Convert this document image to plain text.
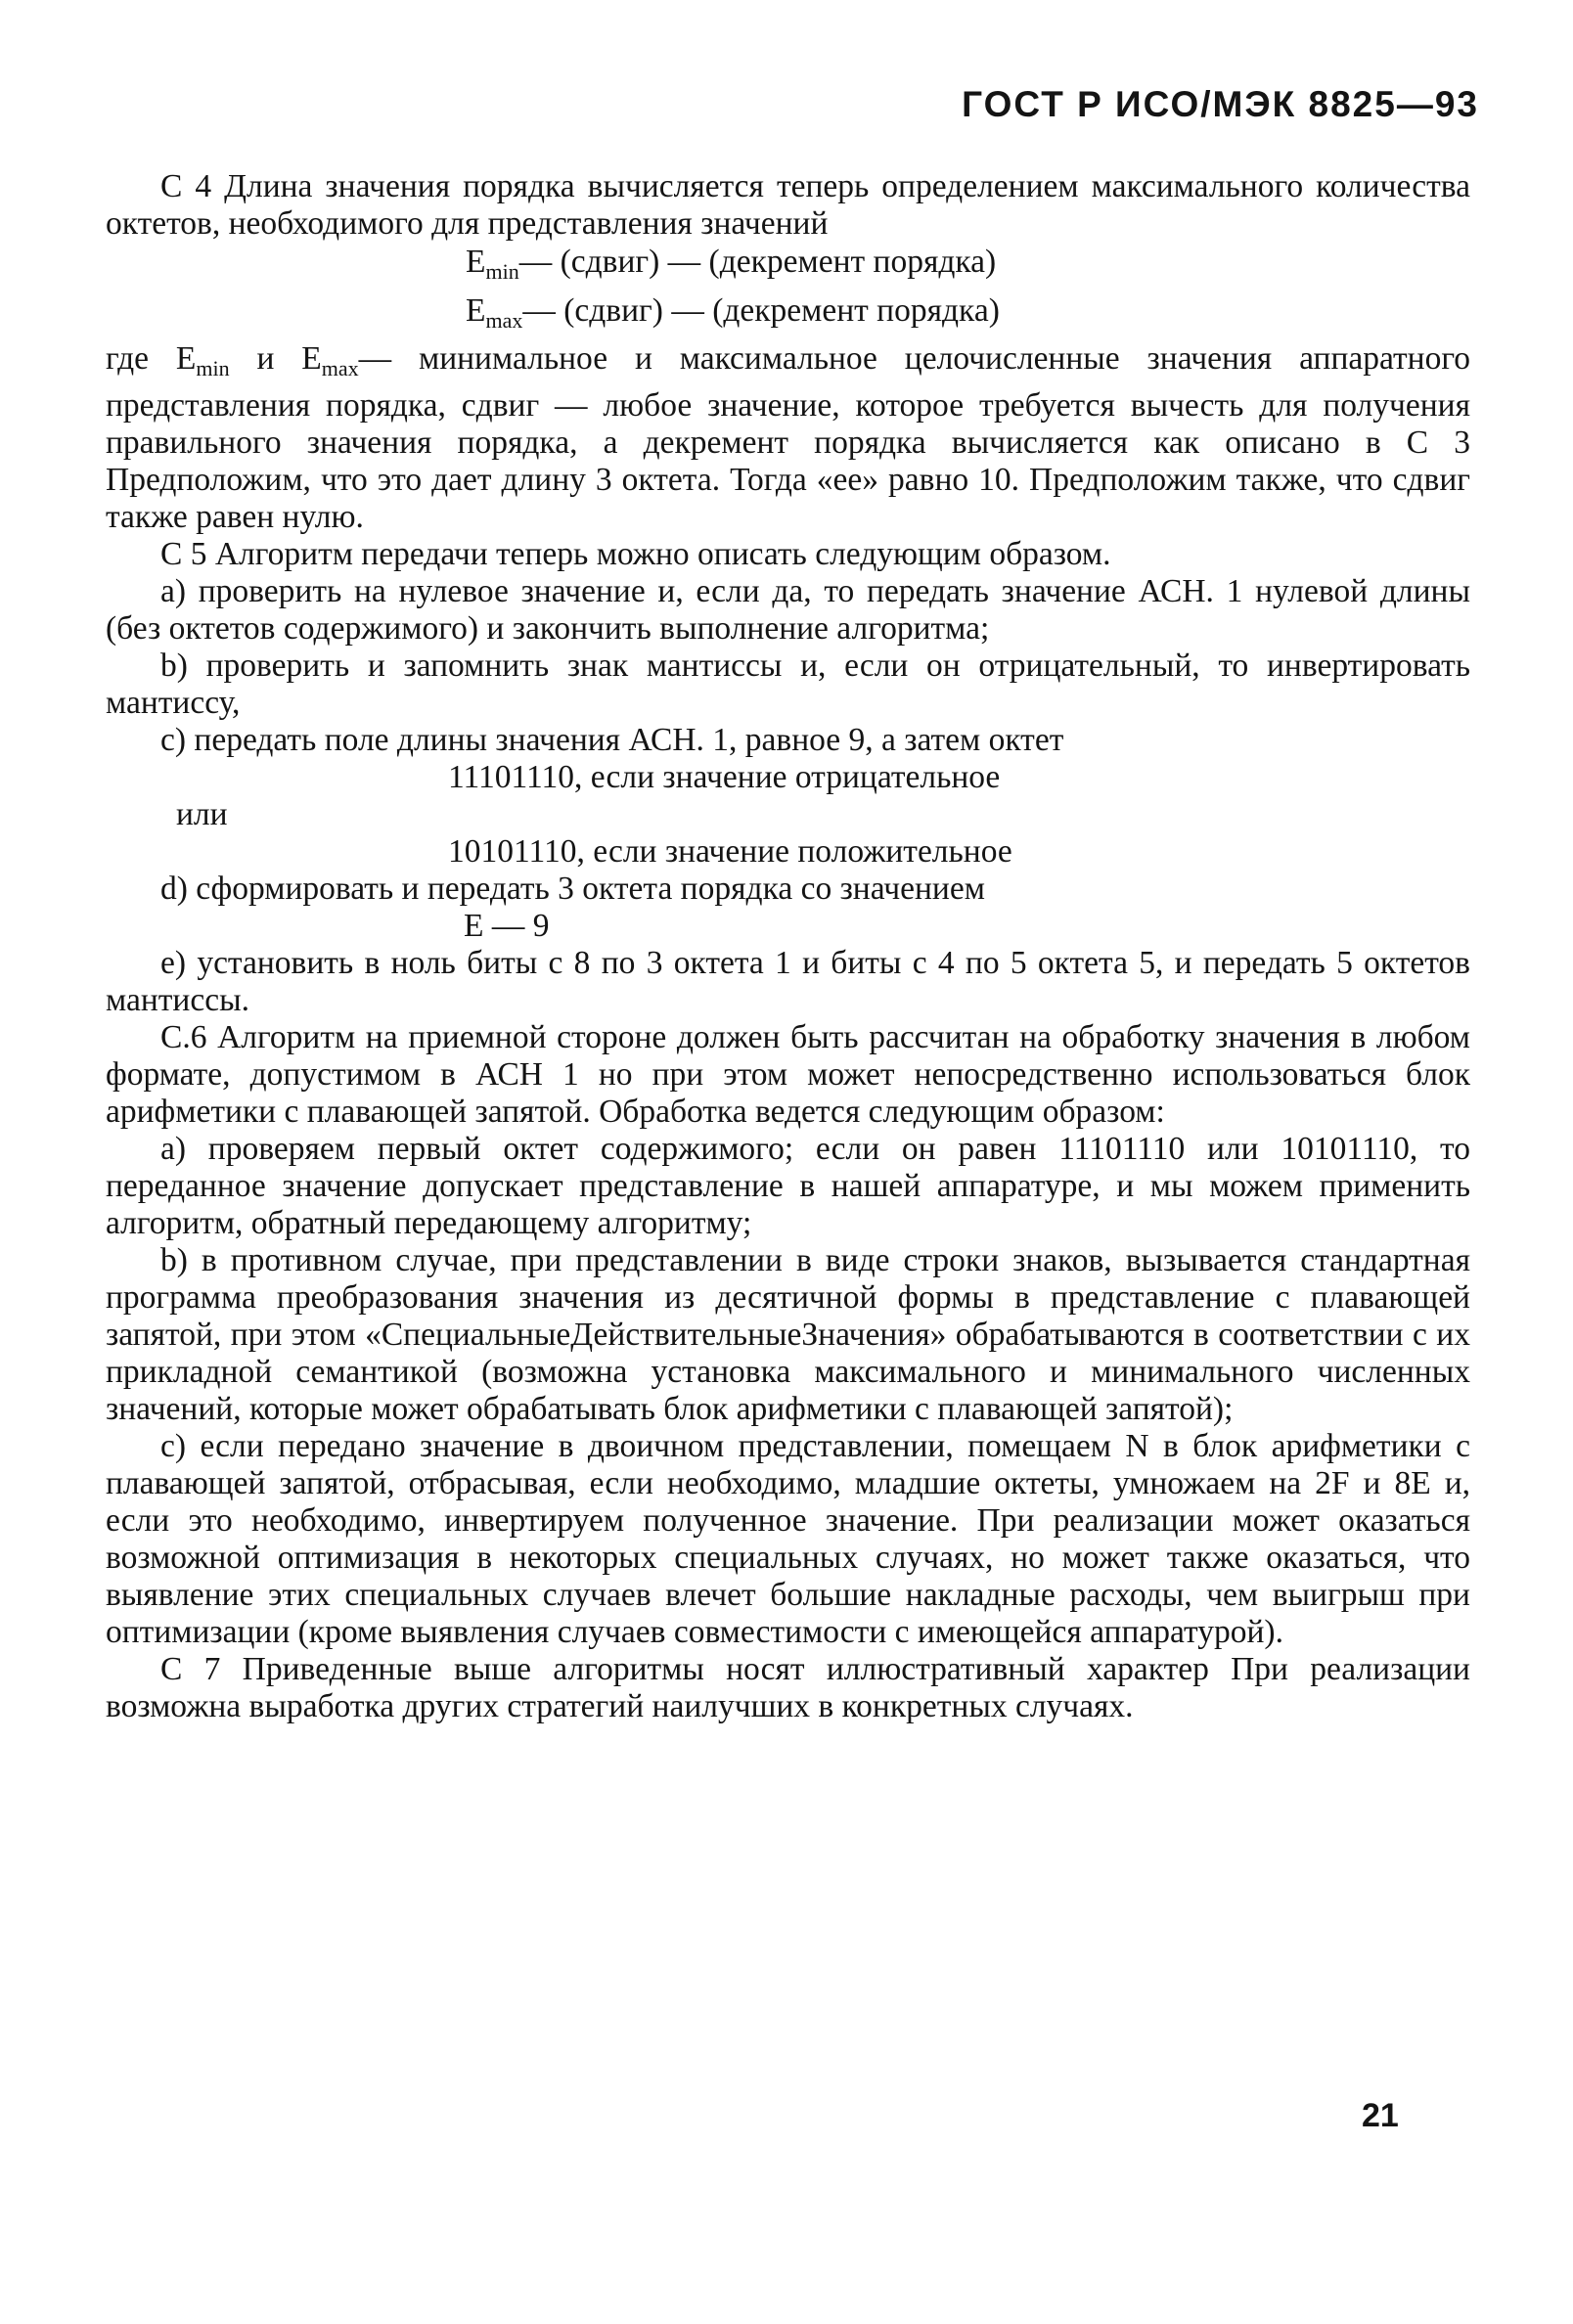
ГОСТ Р ИСО/МЭК 8825—93

С 4 Длина значения порядка вычисляется теперь определением максимального количества октетов, необходимого для представления значений

$E_{min}—$ (сдвиг) — (декремент порядка)
$E_{max}—$ (сдвиг) — (декремент порядка)

где $E_{min}$ и $E_{max}—$ минимальное и максимальное целочисленные значения аппаратного представления порядка, сдвиг — любое значение, которое требуется вычесть для получения правильного значения порядка, а декремент порядка вычисляется как описано в С 3 Предположим, что это дает длину 3 октета. Тогда «ее» равно 10. Предположим также, что сдвиг также равен нулю.

С 5 Алгоритм передачи теперь можно описать следующим образом.

а) проверить на нулевое значение и, если да, то передать значение АСН. 1 нулевой длины (без октетов содержимого) и закончить выполнение алгоритма;

b) проверить и запомнить знак мантиссы и, если он отрицательный, то инвертировать мантиссу,

с) передать поле длины значения АСН. 1, равное 9, а затем октет

11101110, если значение отрицательное
или
10101110, если значение положительное

d) сформировать и передать 3 октета порядка со значением

E — 9

е) установить в ноль биты с 8 по 3 октета 1 и биты с 4 по 5 октета 5, и передать 5 октетов мантиссы.

С.6 Алгоритм на приемной стороне должен быть рассчитан на обработку значения в любом формате, допустимом в АСН 1 но при этом может непосредственно использоваться блок арифметики с плавающей запятой. Обработка ведется следующим образом:

а) проверяем первый октет содержимого; если он равен 11101110 или 10101110, то переданное значение допускает представление в нашей аппаратуре, и мы можем применить алгоритм, обратный передающему алгоритму;

b) в противном случае, при представлении в виде строки знаков, вызывается стандартная программа преобразования значения из десятичной формы в представление с плавающей запятой, при этом «СпециальныеДействительныеЗначения» обрабатываются в соответствии с их прикладной семантикой (возможна установка максимального и минимального численных значений, которые может обрабатывать блок арифметики с плавающей запятой);

с) если передано значение в двоичном представлении, помещаем N в блок арифметики с плавающей запятой, отбрасывая, если необходимо, младшие октеты, умножаем на 2F и 8E и, если это необходимо, инвертируем полученное значение. При реализации может оказаться возможной оптимизация в некоторых специальных случаях, но может также оказаться, что выявление этих специальных случаев влечет большие накладные расходы, чем выигрыш при оптимизации (кроме выявления случаев совместимости с имеющейся аппаратурой).

С 7 Приведенные выше алгоритмы носят иллюстративный характер При реализации возможна выработка других стратегий наилучших в конкретных случаях.

21
